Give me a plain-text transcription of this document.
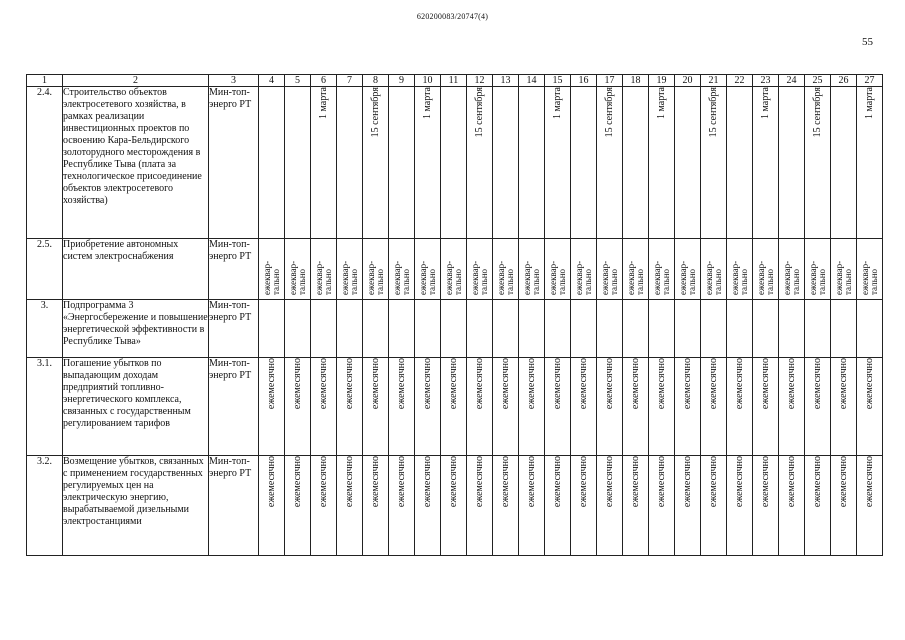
620200083/20747(4)
55
1	2	3	4	5	6	7	8	9	10	11	12	13	14	15	16	17	18	19	20	21	22	23	24	25	26	27
2.4.	Строительство объектов электросетевого хозяйства, в рамках реализации инвестиционных проектов по освоению Кара-Бельдирского золоторудного месторождения в Республике Тыва (плата за технологическое присоединение объектов электросетевого хозяйства)	Мин-топ-энерго РТ			1 марта		15 сентября		1 марта		15 сентября			1 марта		15 сентября		1 марта		15 сентября		1 марта		15 сентября		1 марта
2.5.	Приобретение автономных систем электроснабжения	Мин-топ-энерго РТ	ежеквар-тально	ежеквар-тально	ежеквар-тально	ежеквар-тально	ежеквар-тально	ежеквар-тально	ежеквар-тально	ежеквар-тально	ежеквар-тально	ежеквар-тально	ежеквар-тально	ежеквар-тально	ежеквар-тально	ежеквар-тально	ежеквар-тально	ежеквар-тально	ежеквар-тально	ежеквар-тально	ежеквар-тально	ежеквар-тально	ежеквар-тально	ежеквар-тально	ежеквар-тально	ежеквар-тально
3.	Подпрограмма 3 «Энергосбережение и повышение энергетической эффективности в Республике Тыва»	Мин-топ-энерго РТ																								
3.1.	Погашение убытков по выпадающим доходам предприятий топливно-энергетического комплекса, связанных с государственным регулированием тарифов	Мин-топ-энерго РТ	ежемесячно	ежемесячно	ежемесячно	ежемесячно	ежемесячно	ежемесячно	ежемесячно	ежемесячно	ежемесячно	ежемесячно	ежемесячно	ежемесячно	ежемесячно	ежемесячно	ежемесячно	ежемесячно	ежемесячно	ежемесячно	ежемесячно	ежемесячно	ежемесячно	ежемесячно	ежемесячно	ежемесячно
3.2.	Возмещение убытков, связанных с применением государственных регулируемых цен на электрическую энергию, вырабатываемой дизельными электростанциями	Мин-топ-энерго РТ	ежемесячно	ежемесячно	ежемесячно	ежемесячно	ежемесячно	ежемесячно	ежемесячно	ежемесячно	ежемесячно	ежемесячно	ежемесячно	ежемесячно	ежемесячно	ежемесячно	ежемесячно	ежемесячно	ежемесячно	ежемесячно	ежемесячно	ежемесячно	ежемесячно	ежемесячно	ежемесячно	ежемесячно
